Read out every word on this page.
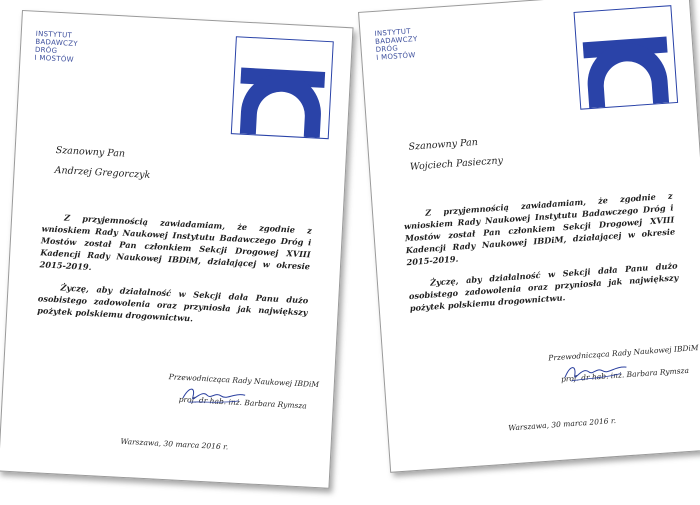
INSTYTUT
BADAWCZY
DRÓG
I MOSTÓW
Szanowny Pan
Andrzej Gregorczyk

Z przyjemnością zawiadamiam, że zgodnie z wnioskiem Rady Naukowej Instytutu Badawczego Dróg i Mostów został Pan członkiem Sekcji Drogowej XVIII Kadencji Rady Naukowej IBDiM, działającej w okresie 2015-2019.

Życzę, aby działalność w Sekcji dała Panu dużo osobistego zadowolenia oraz przyniosła jak największy pożytek polskiemu drogownictwu.

Przewodnicząca Rady Naukowej IBDiM
prof. dr hab. inż. Barbara Rymsza
Warszawa, 30 marca 2016 r.
INSTYTUT
BADAWCZY
DRÓG
I MOSTÓW
Szanowny Pan
Wojciech Pasieczny

Z przyjemnością zawiadamiam, że zgodnie z wnioskiem Rady Naukowej Instytutu Badawczego Dróg i Mostów został Pan członkiem Sekcji Drogowej XVIII Kadencji Rady Naukowej IBDiM, działającej w okresie 2015-2019.

Życzę, aby działalność w Sekcji dała Panu dużo osobistego zadowolenia oraz przyniosła jak największy pożytek polskiemu drogownictwu.

Przewodnicząca Rady Naukowej IBDiM
prof. dr hab. inż. Barbara Rymsza
Warszawa, 30 marca 2016 r.
